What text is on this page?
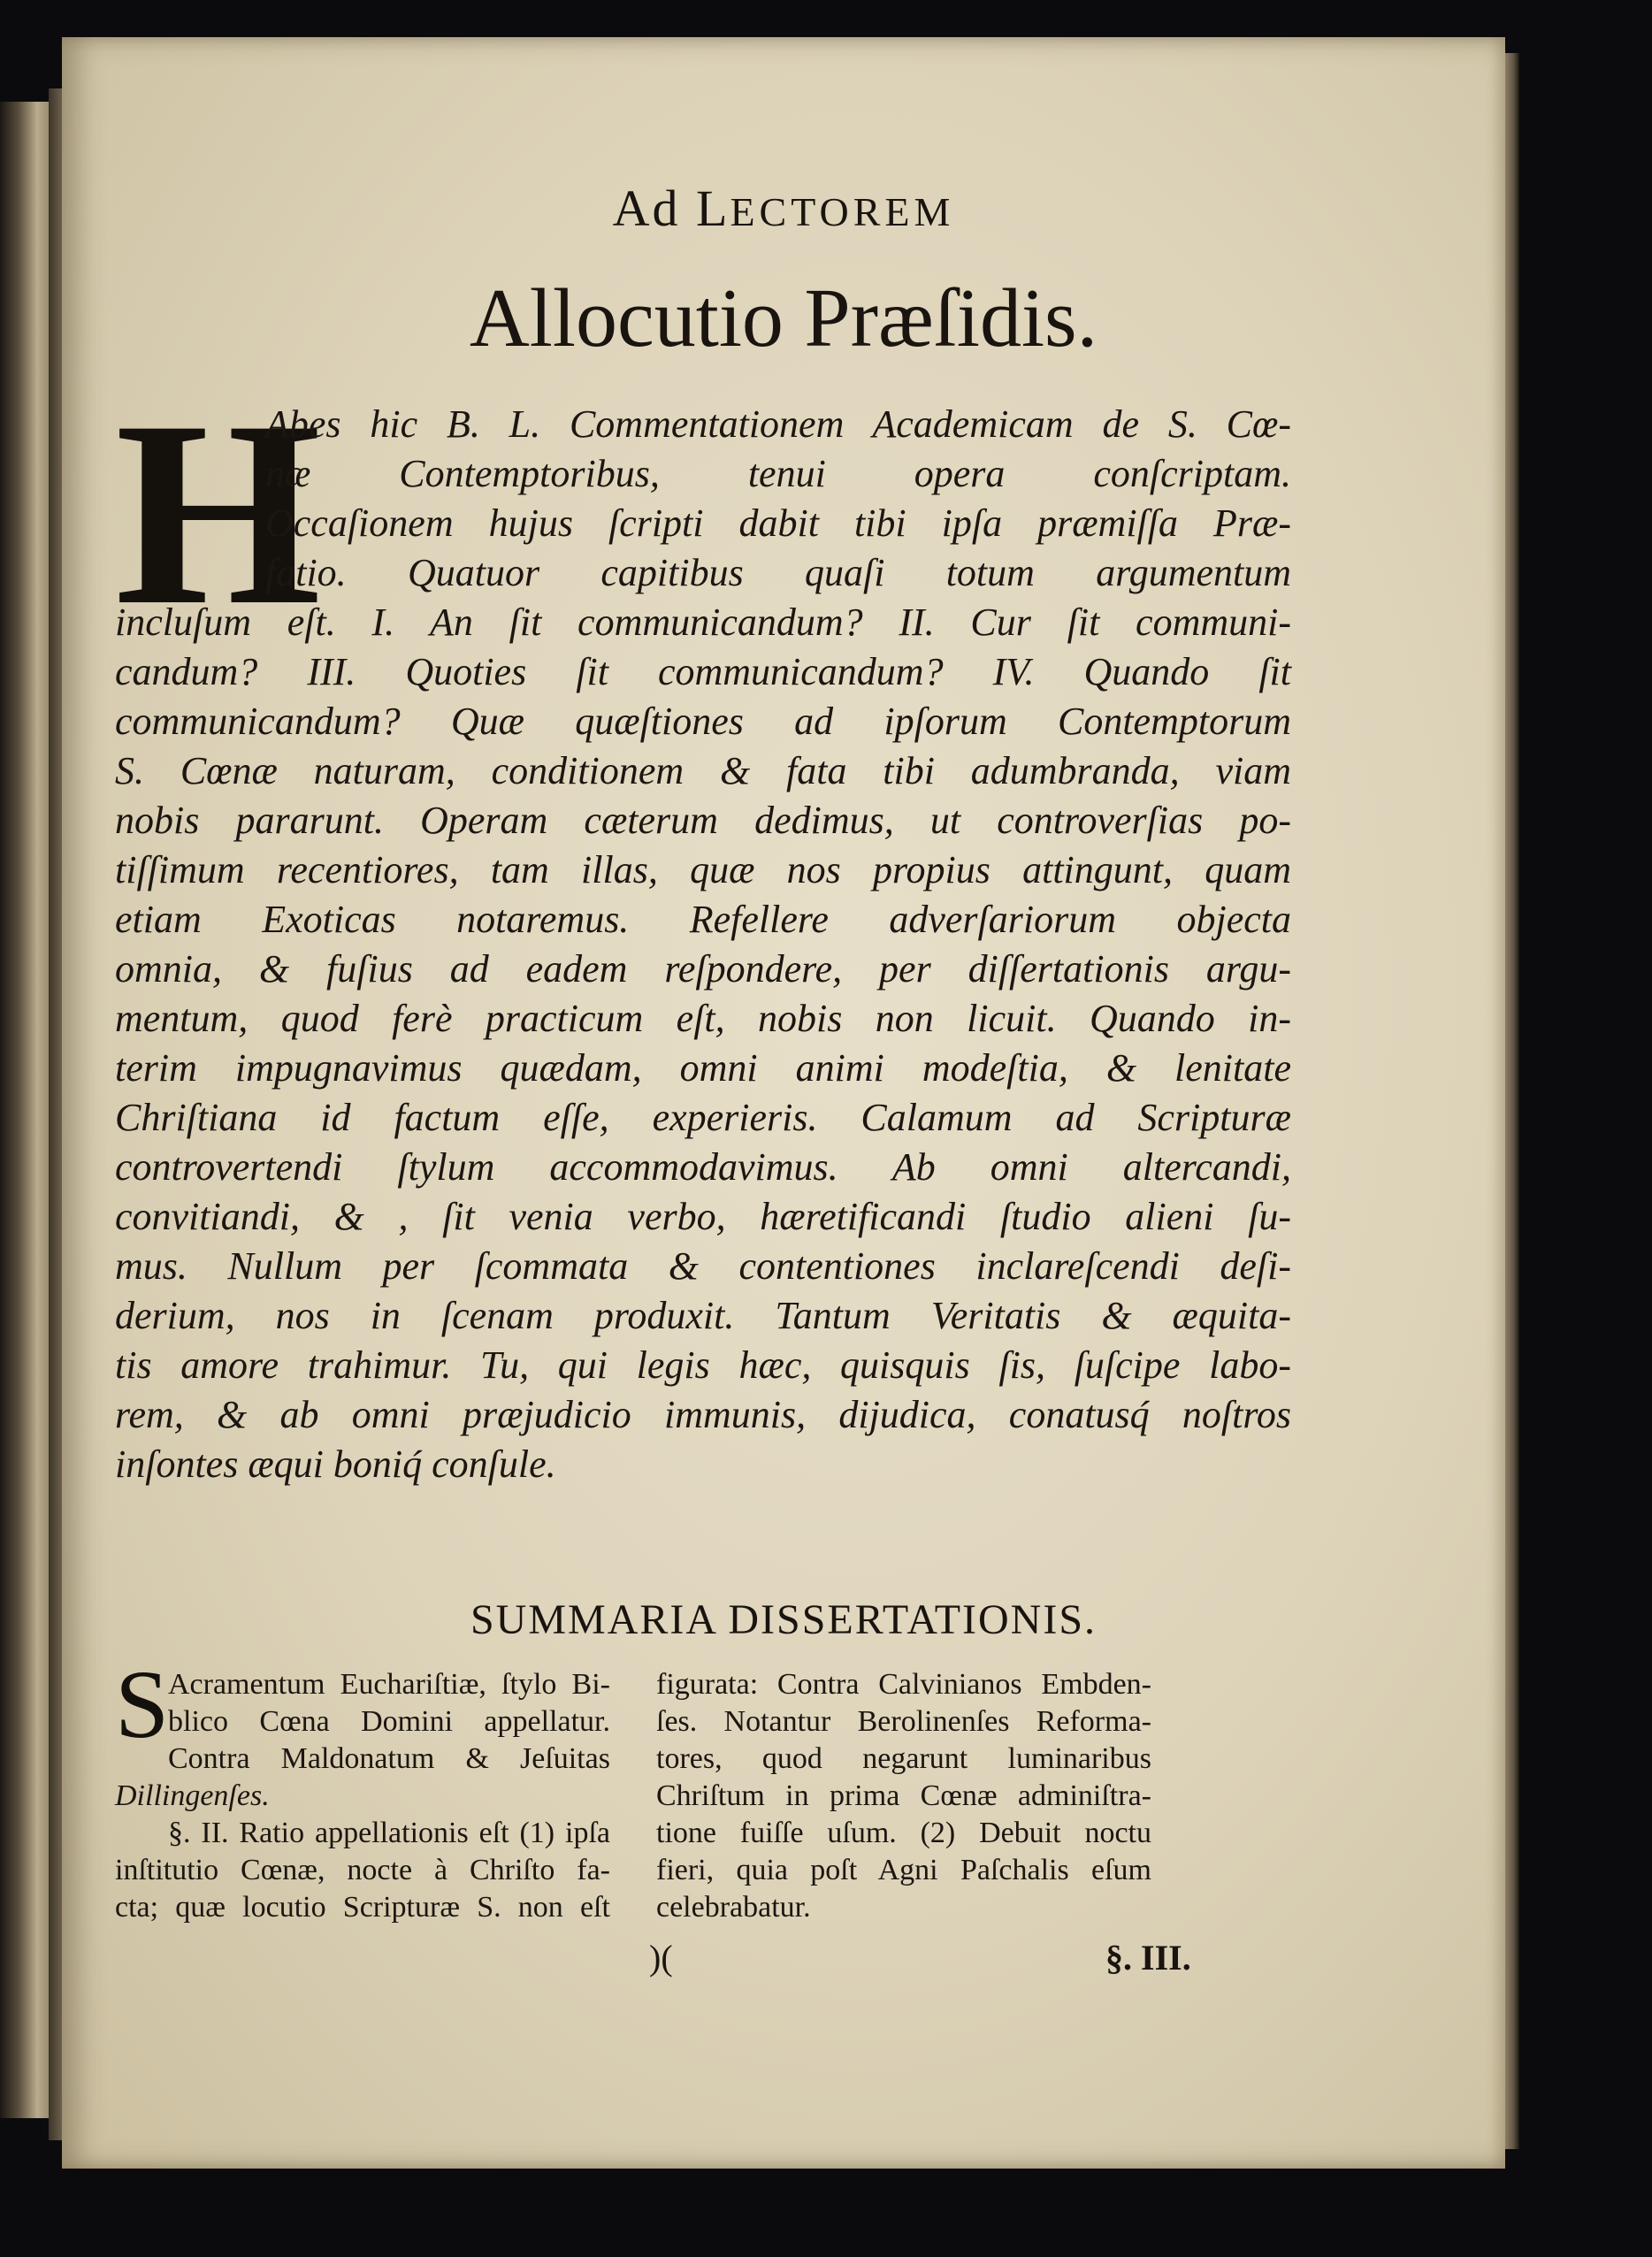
Ad LECTOREM
Allocutio Præſidis.
H
Abes hic B. L. Commentationem Academicam de S. Cœ-
næ Contemptoribus, tenui opera conſcriptam.
Occaſionem hujus ſcripti dabit tibi ipſa præmiſſa Præ-
fatio. Quatuor capitibus quaſi totum argumentum
incluſum eſt. I. An ſit communicandum? II. Cur ſit communi-
candum? III. Quoties ſit communicandum? IV. Quando ſit
communicandum? Quæ quæſtiones ad ipſorum Contemptorum
S. Cœnæ naturam, conditionem & fata tibi adumbranda, viam
nobis pararunt. Operam cæterum dedimus, ut controverſias po-
tiſſimum recentiores, tam illas, quæ nos propius attingunt, quam
etiam Exoticas notaremus. Refellere adverſariorum objecta
omnia, & fuſius ad eadem reſpondere, per diſſertationis argu-
mentum, quod ferè practicum eſt, nobis non licuit. Quando in-
terim impugnavimus quædam, omni animi modeſtia, & lenitate
Chriſtiana id factum eſſe, experieris. Calamum ad Scripturæ
controvertendi ſtylum accommodavimus. Ab omni altercandi,
convitiandi, & , ſit venia verbo, hæretificandi ſtudio alieni ſu-
mus. Nullum per ſcommata & contentiones inclareſcendi deſi-
derium, nos in ſcenam produxit. Tantum Veritatis & æquita-
tis amore trahimur. Tu, qui legis hæc, quisquis ſis, ſuſcipe labo-
rem, & ab omni præjudicio immunis, dijudica, conatusq́ noſtros
inſontes æqui boniq́ conſule.
SUMMARIA DISSERTATIONIS.
S
Acramentum Euchariſtiæ, ſtylo Bi-
blico Cœna Domini appellatur.
Contra Maldonatum & Jeſuitas
Dillingenſes.
§. II. Ratio appellationis eſt (1) ipſa
inſtitutio Cœnæ, nocte à Chriſto fa-
cta; quæ locutio Scripturæ S. non eſt
figurata: Contra Calvinianos Embden-
ſes. Notantur Berolinenſes Reforma-
tores, quod negarunt luminaribus
Chriſtum in prima Cœnæ adminiſtra-
tione fuiſſe uſum. (2) Debuit noctu
fieri, quia poſt Agni Paſchalis eſum
celebrabatur.
)(	§. III.
